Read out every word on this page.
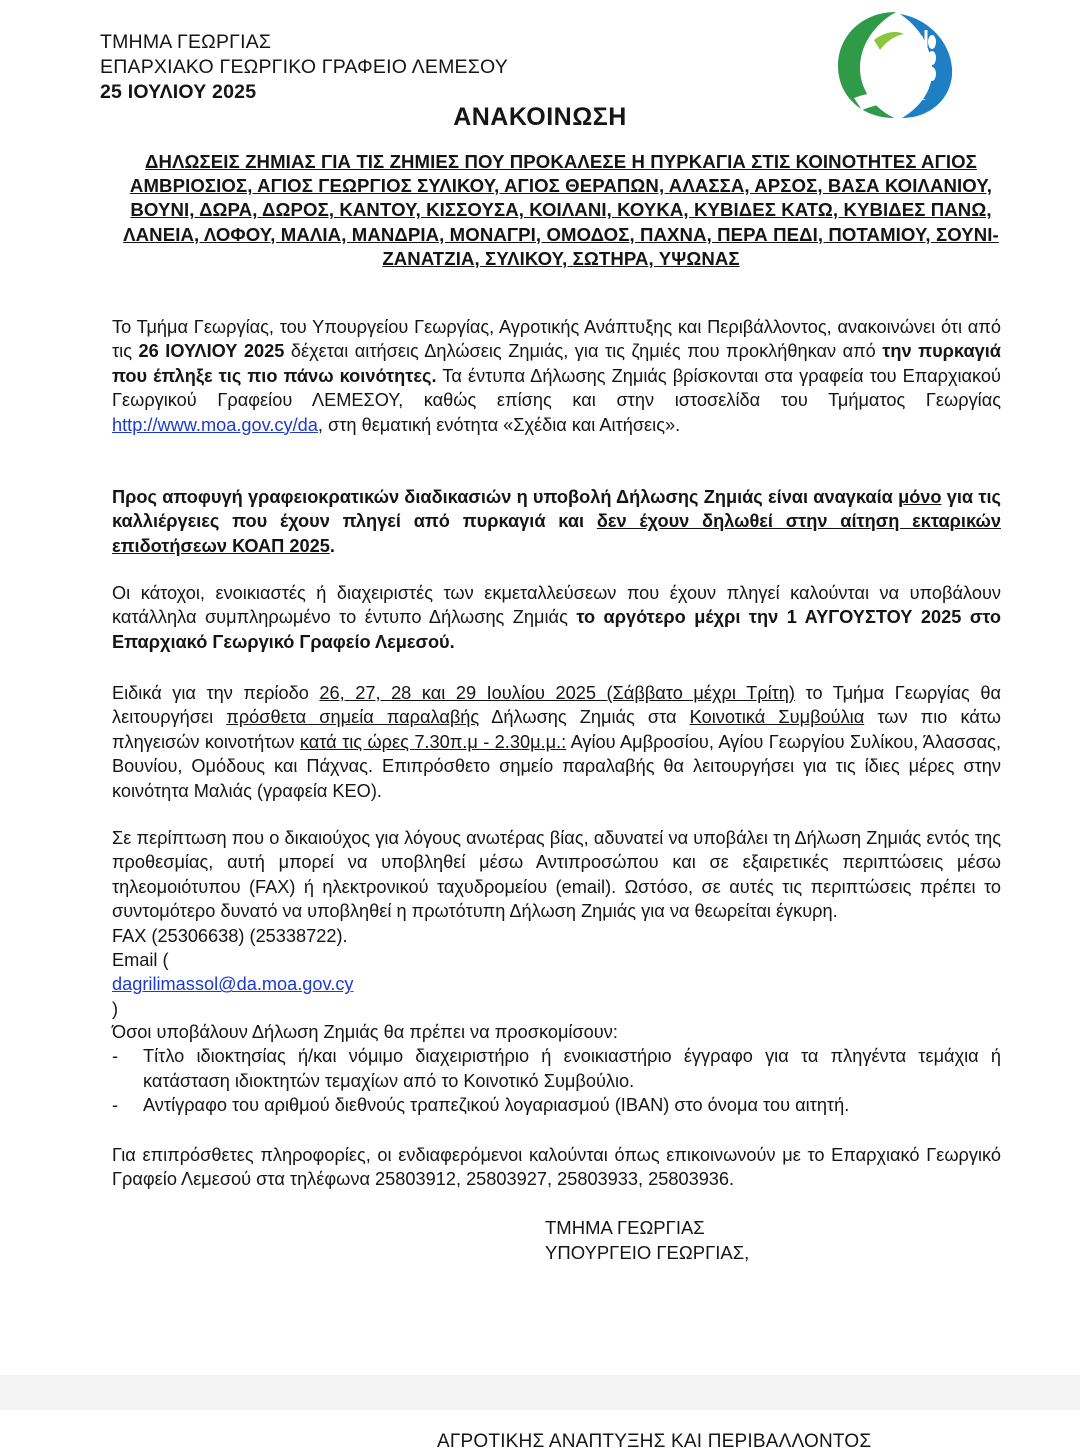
ΤΜΗΜΑ ΓΕΩΡΓΙΑΣ
ΕΠΑΡΧΙΑΚΟ ΓΕΩΡΓΙΚΟ ΓΡΑΦΕΙΟ ΛΕΜΕΣΟΥ
25 ΙΟΥΛΙΟΥ 2025
ΑΝΑΚΟΙΝΩΣΗ
ΔΗΛΩΣΕΙΣ ΖΗΜΙΑΣ ΓΙΑ ΤΙΣ ΖΗΜΙΕΣ ΠΟΥ ΠΡΟΚΑΛΕΣΕ Η ΠΥΡΚΑΓΙΑ ΣΤΙΣ ΚΟΙΝΟΤΗΤΕΣ ΑΓΙΟΣ ΑΜΒΡΙΟΣΙΟΣ, ΑΓΙΟΣ ΓΕΩΡΓΙΟΣ ΣΥΛΙΚΟΥ, ΑΓΙΟΣ ΘΕΡΑΠΩΝ, ΑΛΑΣΣΑ, ΑΡΣΟΣ, ΒΑΣΑ ΚΟΙΛΑΝΙΟΥ, ΒΟΥΝΙ, ΔΩΡΑ, ΔΩΡΟΣ, ΚΑΝΤΟΥ, ΚΙΣΣΟΥΣΑ, ΚΟΙΛΑΝΙ, ΚΟΥΚΑ, ΚΥΒΙΔΕΣ ΚΑΤΩ, ΚΥΒΙΔΕΣ ΠΑΝΩ, ΛΑΝΕΙΑ, ΛΟΦΟΥ, ΜΑΛΙΑ, ΜΑΝΔΡΙΑ, ΜΟΝΑΓΡΙ, ΟΜΟΔΟΣ, ΠΑΧΝΑ, ΠΕΡΑ ΠΕΔΙ, ΠΟΤΑΜΙΟΥ, ΣΟΥΝΙ- ΖΑΝΑΤΖΙΑ, ΣΥΛΙΚΟΥ, ΣΩΤΗΡΑ, ΥΨΩΝΑΣ
Το Τμήμα Γεωργίας, του Υπουργείου Γεωργίας, Αγροτικής Ανάπτυξης και Περιβάλλοντος, ανακοινώνει ότι από τις 26 ΙΟΥΛΙΟΥ 2025 δέχεται αιτήσεις Δηλώσεις Ζημιάς, για τις ζημιές που προκλήθηκαν από την πυρκαγιά που έπληξε τις πιο πάνω κοινότητες. Τα έντυπα Δήλωσης Ζημιάς βρίσκονται στα γραφεία του Επαρχιακού Γεωργικού Γραφείου ΛΕΜΕΣΟΥ, καθώς επίσης και στην ιστοσελίδα του Τμήματος Γεωργίας http://www.moa.gov.cy/da, στη θεματική ενότητα «Σχέδια και Αιτήσεις».
Προς αποφυγή γραφειοκρατικών διαδικασιών η υποβολή Δήλωσης Ζημιάς είναι αναγκαία μόνο για τις καλλιέργειες που έχουν πληγεί από πυρκαγιά και δεν έχουν δηλωθεί στην αίτηση εκταρικών επιδοτήσεων ΚΟΑΠ 2025.
Οι κάτοχοι, ενοικιαστές ή διαχειριστές των εκμεταλλεύσεων που έχουν πληγεί καλούνται να υποβάλουν κατάλληλα συμπληρωμένο το έντυπο Δήλωσης Ζημιάς το αργότερο μέχρι την 1 ΑΥΓΟΥΣΤΟΥ 2025 στο Επαρχιακό Γεωργικό Γραφείο Λεμεσού.
Ειδικά για την περίοδο 26, 27, 28 και 29 Ιουλίου 2025 (Σάββατο μέχρι Τρίτη) το Τμήμα Γεωργίας θα λειτουργήσει πρόσθετα σημεία παραλαβής Δήλωσης Ζημιάς στα Κοινοτικά Συμβούλια των πιο κάτω πληγεισών κοινοτήτων κατά τις ώρες 7.30π.μ - 2.30μ.μ.: Αγίου Αμβροσίου, Αγίου Γεωργίου Συλίκου, Άλασσας, Βουνίου, Ομόδους και Πάχνας. Επιπρόσθετο σημείο παραλαβής θα λειτουργήσει για τις ίδιες μέρες στην κοινότητα Μαλιάς (γραφεία ΚΕΟ).
Σε περίπτωση που ο δικαιούχος για λόγους ανωτέρας βίας, αδυνατεί να υποβάλει τη Δήλωση Ζημιάς εντός της προθεσμίας, αυτή μπορεί να υποβληθεί μέσω Αντιπροσώπου και σε εξαιρετικές περιπτώσεις μέσω τηλεομοιότυπου (FAX) ή ηλεκτρονικού ταχυδρομείου (email). Ωστόσο, σε αυτές τις περιπτώσεις πρέπει το συντομότερο δυνατό να υποβληθεί η πρωτότυπη Δήλωση Ζημιάς για να θεωρείται έγκυρη.
FAX (25306638) (25338722).
Email (
dagrilimassol@da.moa.gov.cy
)
Όσοι υποβάλουν Δήλωση Ζημιάς θα πρέπει να προσκομίσουν:
- Τίτλο ιδιοκτησίας ή/και νόμιμο διαχειριστήριο ή ενοικιαστήριο έγγραφο για τα πληγέντα τεμάχια ή κατάσταση ιδιοκτητών τεμαχίων από το Κοινοτικό Συμβούλιο.
- Αντίγραφο του αριθμού διεθνούς τραπεζικού λογαριασμού (IBAN) στο όνομα του αιτητή.
Για επιπρόσθετες πληροφορίες, οι ενδιαφερόμενοι καλούνται όπως επικοινωνούν με το Επαρχιακό Γεωργικό Γραφείο Λεμεσού στα τηλέφωνα 25803912, 25803927, 25803933, 25803936.
ΤΜΗΜΑ ΓΕΩΡΓΙΑΣ
ΥΠΟΥΡΓΕΙΟ ΓΕΩΡΓΙΑΣ,
ΑΓΡΟΤΙΚΗΣ ΑΝΑΠΤΥΞΗΣ ΚΑΙ ΠΕΡΙΒΑΛΛΟΝΤΟΣ
